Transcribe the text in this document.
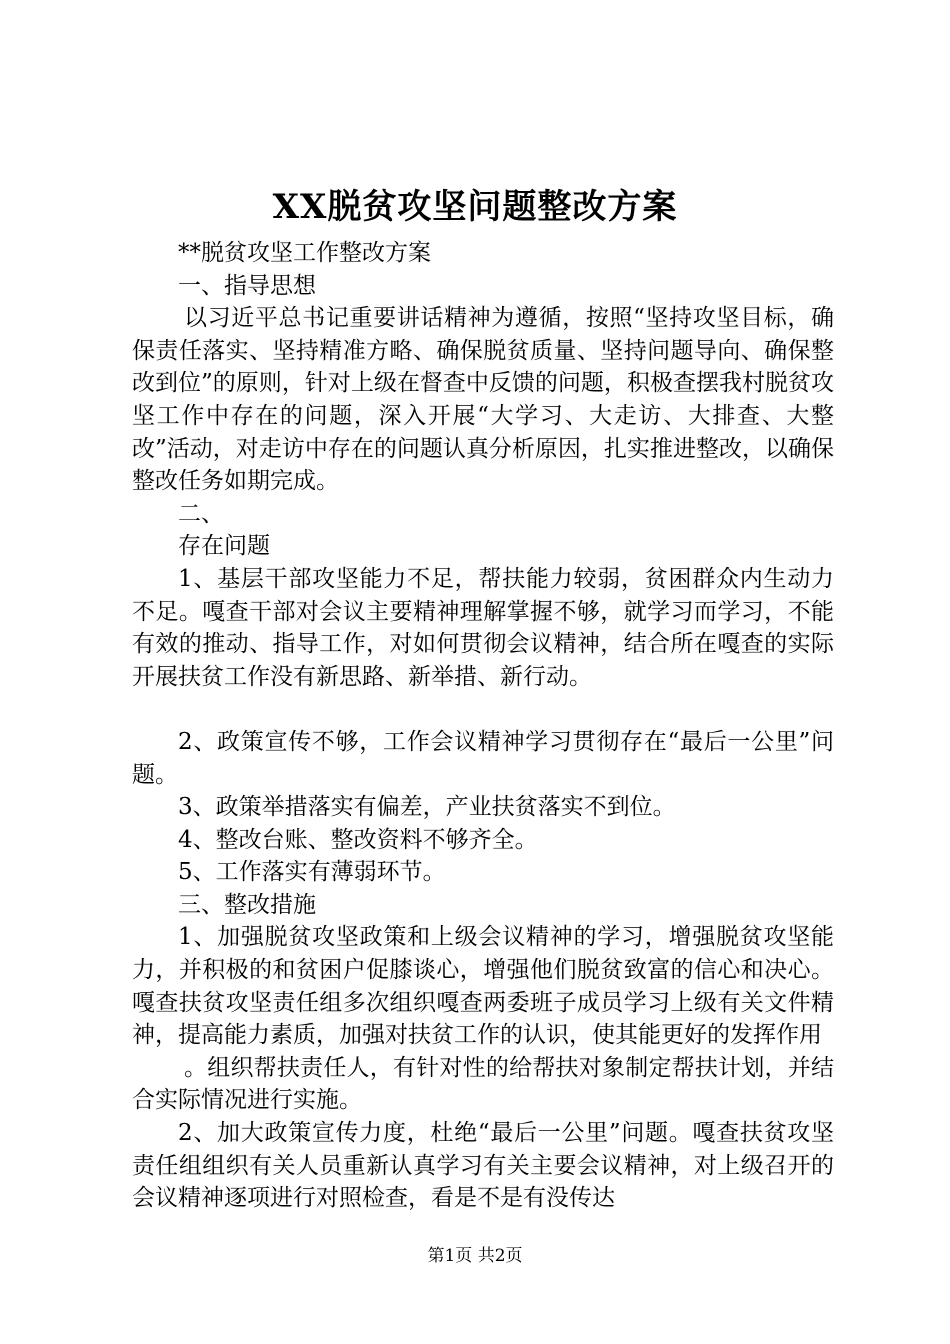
XX脱贫攻坚问题整改方案

**脱贫攻坚工作整改方案

一、指导思想

以习近平总书记重要讲话精神为遵循，按照“坚持攻坚目标，确保责任落实、坚持精准方略、确保脱贫质量、坚持问题导向、确保整改到位”的原则，针对上级在督查中反馈的问题，积极查摆我村脱贫攻坚工作中存在的问题，深入开展“大学习、大走访、大排查、大整改”活动，对走访中存在的问题认真分析原因，扎实推进整改，以确保整改任务如期完成。

二、

存在问题

1、基层干部攻坚能力不足，帮扶能力较弱，贫困群众内生动力不足。嘎查干部对会议主要精神理解掌握不够，就学习而学习，不能有效的推动、指导工作，对如何贯彻会议精神，结合所在嘎查的实际开展扶贫工作没有新思路、新举措、新行动。

2、政策宣传不够，工作会议精神学习贯彻存在“最后一公里”问题。

3、政策举措落实有偏差，产业扶贫落实不到位。

4、整改台账、整改资料不够齐全。

5、工作落实有薄弱环节。

三、整改措施

1、加强脱贫攻坚政策和上级会议精神的学习，增强脱贫攻坚能力，并积极的和贫困户促膝谈心，增强他们脱贫致富的信心和决心。嘎查扶贫攻坚责任组多次组织嘎查两委班子成员学习上级有关文件精神，提高能力素质，加强对扶贫工作的认识，使其能更好的发挥作用

。组织帮扶责任人，有针对性的给帮扶对象制定帮扶计划，并结合实际情况进行实施。

2、加大政策宣传力度，杜绝“最后一公里”问题。嘎查扶贫攻坚责任组组织有关人员重新认真学习有关主要会议精神，对上级召开的会议精神逐项进行对照检查，看是不是有没传达

第1页 共2页
